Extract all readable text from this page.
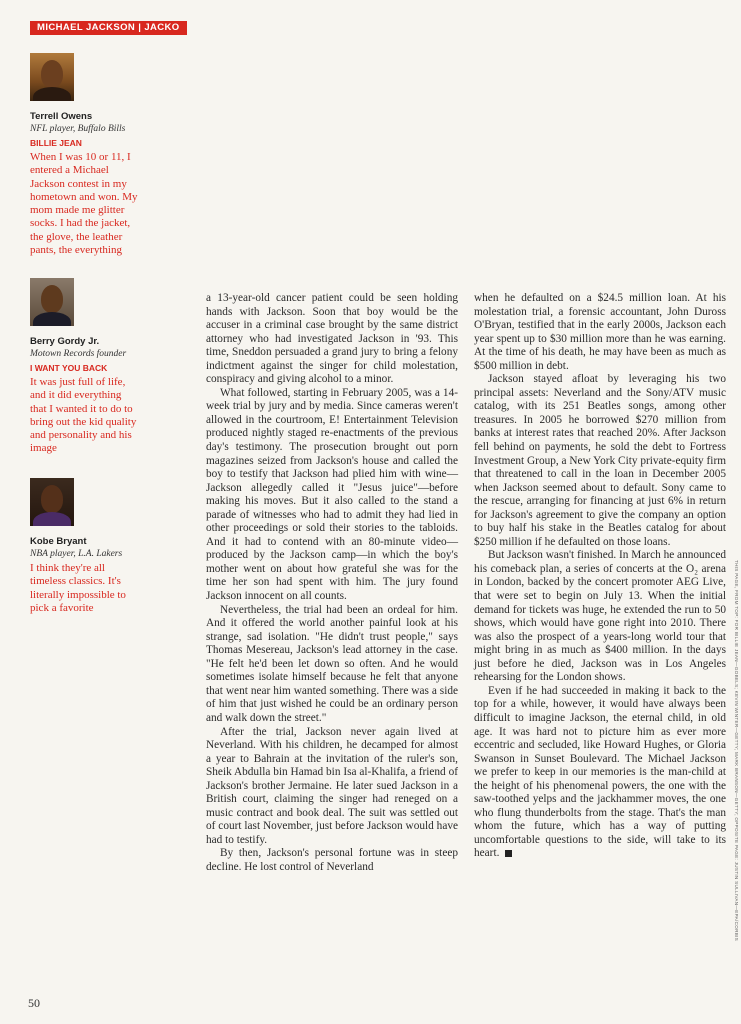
MICHAEL JACKSON | JACKO
Terrell Owens
NFL player, Buffalo Bills
BILLIE JEAN
When I was 10 or 11, I entered a Michael Jackson contest in my hometown and won. My mom made me glitter socks. I had the jacket, the glove, the leather pants, the everything
Berry Gordy Jr.
Motown Records founder
I WANT YOU BACK
It was just full of life, and it did everything that I wanted it to do to bring out the kid quality and personality and his image
Kobe Bryant
NBA player, L.A. Lakers
I think they're all timeless classics. It's literally impossible to pick a favorite

a 13-year-old cancer patient could be seen holding hands with Jackson. Soon that boy would be the accuser in a criminal case brought by the same district attorney who had investigated Jackson in '93. This time, Sneddon persuaded a grand jury to bring a felony indictment against the singer for child molestation, conspiracy and giving alcohol to a minor.

What followed, starting in February 2005, was a 14-week trial by jury and by media. Since cameras weren't allowed in the courtroom, E! Entertainment Television produced nightly staged re-enactments of the previous day's testimony. The prosecution brought out porn magazines seized from Jackson's house and called the boy to testify that Jackson had plied him with wine—Jackson allegedly called it "Jesus juice"—before making his moves. But it also called to the stand a parade of witnesses who had to admit they had lied in other proceedings or sold their stories to the tabloids. And it had to contend with an 80-minute video—produced by the Jackson camp—in which the boy's mother went on about how grateful she was for the time her son had spent with him. The jury found Jackson innocent on all counts.

Nevertheless, the trial had been an ordeal for him. And it offered the world another painful look at his strange, sad isolation. "He didn't trust people," says Thomas Mesereau, Jackson's lead attorney in the case. "He felt he'd been let down so often. And he would sometimes isolate himself because he felt that anyone that went near him wanted something. There was a side of him that just wished he could be an ordinary person and walk down the street."

After the trial, Jackson never again lived at Neverland. With his children, he decamped for almost a year to Bahrain at the invitation of the ruler's son, Sheik Abdulla bin Hamad bin Isa al-Khalifa, a friend of Jackson's brother Jermaine. He later sued Jackson in a British court, claiming the singer had reneged on a music contract and book deal. The suit was settled out of court last November, just before Jackson would have had to testify.

By then, Jackson's personal fortune was in steep decline. He lost control of Neverland

when he defaulted on a $24.5 million loan. At his molestation trial, a forensic accountant, John Duross O'Bryan, testified that in the early 2000s, Jackson each year spent up to $30 million more than he was earning. At the time of his death, he may have been as much as $500 million in debt.

Jackson stayed afloat by leveraging his two principal assets: Neverland and the Sony/ATV music catalog, with its 251 Beatles songs, among other treasures. In 2005 he borrowed $270 million from banks at interest rates that reached 20%. After Jackson fell behind on payments, he sold the debt to Fortress Investment Group, a New York City private-equity firm that threatened to call in the loan in December 2005 when Jackson seemed about to default. Sony came to the rescue, arranging for financing at just 6% in return for Jackson's agreement to give the company an option to buy half his stake in the Beatles catalog for about $250 million if he defaulted on those loans.

But Jackson wasn't finished. In March he announced his comeback plan, a series of concerts at the O₂ arena in London, backed by the concert promoter AEG Live, that were set to begin on July 13. When the initial demand for tickets was huge, he extended the run to 50 shows, which would have gone right into 2010. There was also the prospect of a years-long world tour that might bring in as much as $400 million. In the days just before he died, Jackson was in Los Angeles rehearsing for the London shows.

Even if he had succeeded in making it back to the top for a while, however, it would have always been difficult to imagine Jackson, the eternal child, in old age. It was hard not to picture him as ever more eccentric and secluded, like Howard Hughes, or Gloria Swanson in Sunset Boulevard. The Michael Jackson we prefer to keep in our memories is the man-child at the height of his phenomenal powers, the one with the saw-toothed yelps and the jackhammer moves, the one who flung thunderbolts from the stage. That's the man whom the future, which has a way of putting uncomfortable questions to the side, will take to its heart.	THIS PAGE, FROM TOP: FOR BILLIE JEAN—GOBELS; KEVIN WINTER—GETTY; MARK BRANSON—GETTY; OPPOSITE PAGE: JUSTIN SULLIVAN—EPA/CORBIS
50
